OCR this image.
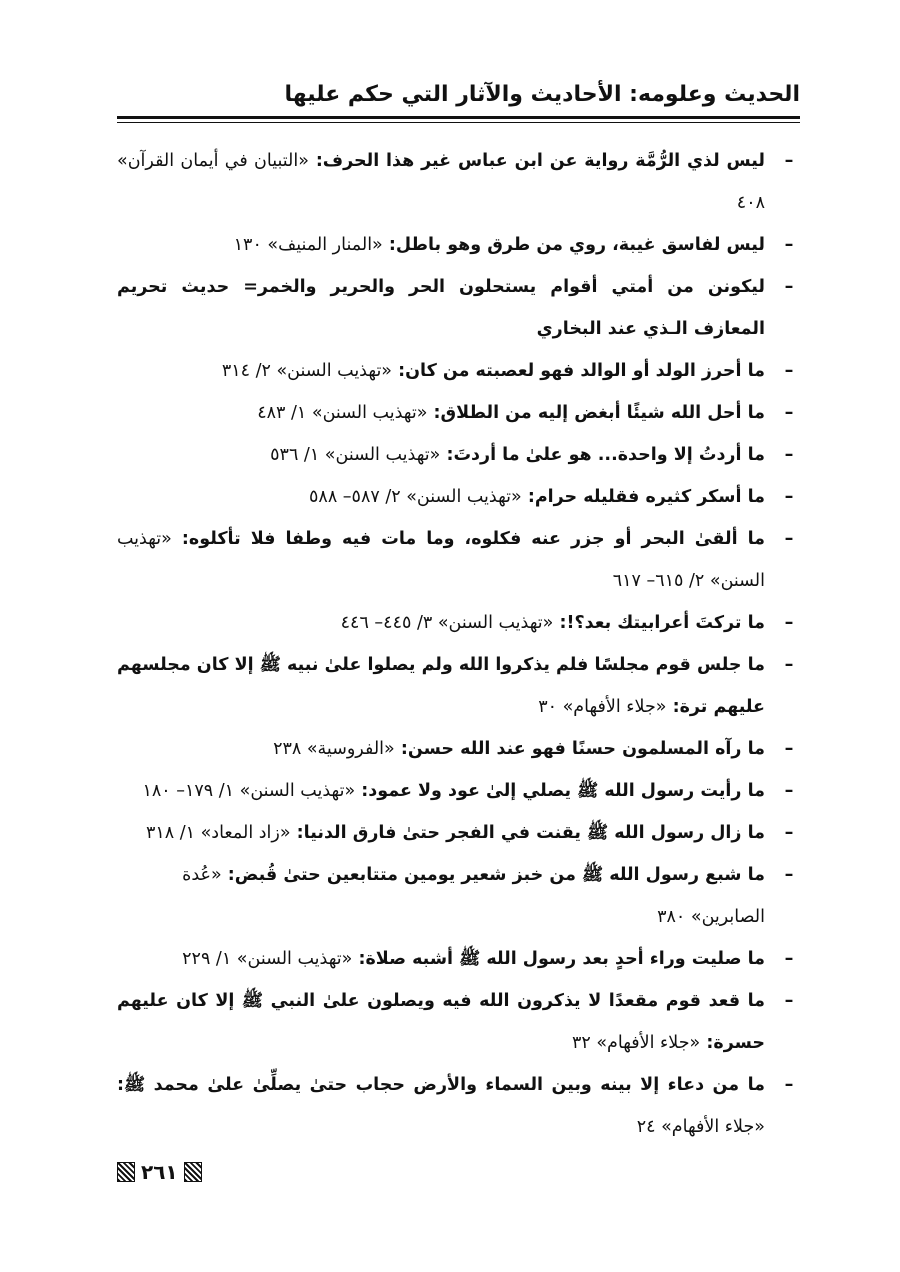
الحديث وعلومه: الأحاديث والآثار التي حكم عليها
–
ليس لذي الرُّمَّة رواية عن ابن عباس غير هذا الحرف: «التبيان في أيمان القرآن» ٤٠٨
–
ليس لفاسق غيبة، روي من طرق وهو باطل: «المنار المنيف» ١٣٠
–
ليكونن من أمتي أقوام يستحلون الحر والحرير والخمر= حديث تحريم المعازف الـذي عند البخاري
–
ما أحرز الولد أو الوالد فهو لعصبته من كان: «تهذيب السنن» ٢/ ٣١٤
–
ما أحل الله شيئًا أبغض إليه من الطلاق: «تهذيب السنن» ١/ ٤٨٣
–
ما أردتُ إلا واحدة... هو علىٰ ما أردتَ: «تهذيب السنن» ١/ ٥٣٦
–
ما أسكر كثيره فقليله حرام: «تهذيب السنن» ٢/ ٥٨٧– ٥٨٨
–
ما ألقىٰ البحر أو جزر عنه فكلوه، وما مات فيه وطفا فلا تأكلوه: «تهذيب السنن» ٢/ ٦١٥– ٦١٧
–
ما تركتَ أعرابيتك بعد؟!: «تهذيب السنن» ٣/ ٤٤٥– ٤٤٦
–
ما جلس قوم مجلسًا فلم يذكروا الله ولم يصلوا علىٰ نبيه ﷺ إلا كان مجلسهم عليهم ترة: «جلاء الأفهام» ٣٠
–
ما رآه المسلمون حسنًا فهو عند الله حسن: «الفروسية» ٢٣٨
–
ما رأيت رسول الله ﷺ يصلي إلىٰ عود ولا عمود: «تهذيب السنن» ١/ ١٧٩– ١٨٠
–
ما زال رسول الله ﷺ يقنت في الفجر حتىٰ فارق الدنيا: «زاد المعاد» ١/ ٣١٨
–
ما شبع رسول الله ﷺ من خبز شعير يومين متتابعين حتىٰ قُبض: «عُدة الصابرين» ٣٨٠
–
ما صليت وراء أحدٍ بعد رسول الله ﷺ أشبه صلاة: «تهذيب السنن» ١/ ٢٢٩
–
ما قعد قوم مقعدًا لا يذكرون الله فيه ويصلون علىٰ النبي ﷺ إلا كان عليهم حسرة: «جلاء الأفهام» ٣٢
–
ما من دعاء إلا بينه وبين السماء والأرض حجاب حتىٰ يصلِّىٰ علىٰ محمد ﷺ: «جلاء الأفهام» ٢٤
٢٦١
